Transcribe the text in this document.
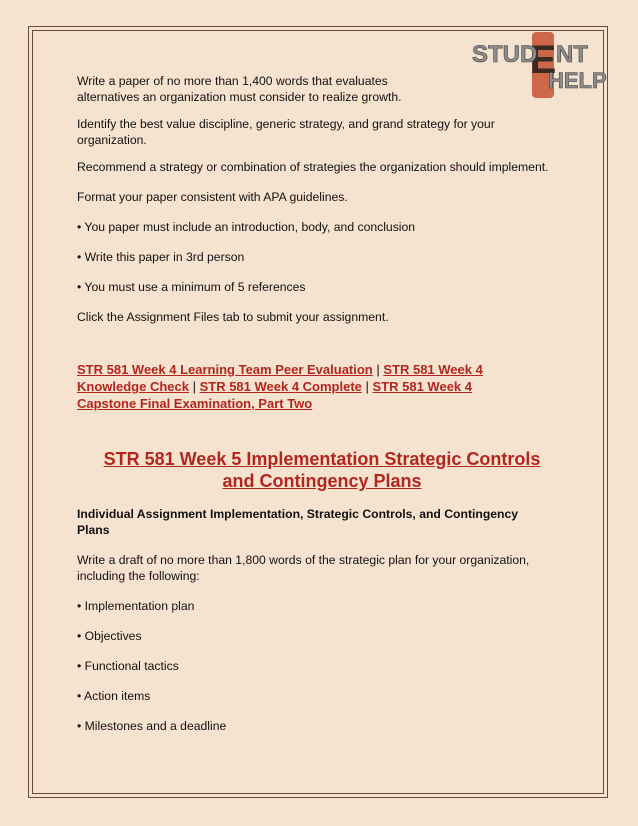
E
STUD NT
HELP

Write a paper of no more than 1,400 words that evaluates
alternatives an organization must consider to realize growth.

Identify the best value discipline, generic strategy, and grand strategy for your
organization.

Recommend a strategy or combination of strategies the organization should implement.

Format your paper consistent with APA guidelines.

• You paper must include an introduction, body, and conclusion

• Write this paper in 3rd person

• You must use a minimum of 5 references

Click the Assignment Files tab to submit your assignment.

STR 581 Week 4 Learning Team Peer Evaluation | STR 581 Week 4
Knowledge Check | STR 581 Week 4 Complete | STR 581 Week 4
Capstone Final Examination, Part Two

STR 581 Week 5 Implementation Strategic Controls
and Contingency Plans

Individual Assignment Implementation, Strategic Controls, and Contingency
Plans

Write a draft of no more than 1,800 words of the strategic plan for your organization,
including the following:

• Implementation plan

• Objectives

• Functional tactics

• Action items

• Milestones and a deadline
